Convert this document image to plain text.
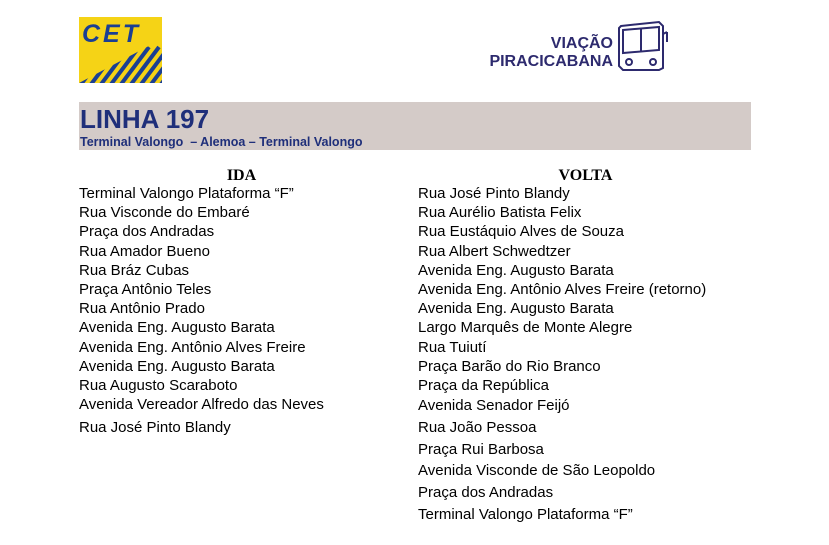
CET	VIAÇÃO
PIRACICABANA
LINHA 197
Terminal Valongo  – Alemoa – Terminal Valongo
IDA
Terminal Valongo Plataforma “F”
Rua Visconde do Embaré
Praça dos Andradas
Rua Amador Bueno
Rua Bráz Cubas
Praça Antônio Teles
Rua Antônio Prado
Avenida Eng. Augusto Barata
Avenida Eng. Antônio Alves Freire
Avenida Eng. Augusto Barata
Rua Augusto Scaraboto
Avenida Vereador Alfredo das Neves
Rua José Pinto Blandy
VOLTA
Rua José Pinto Blandy
Rua Aurélio Batista Felix
Rua Eustáquio Alves de Souza
Rua Albert Schwedtzer
Avenida Eng. Augusto Barata
Avenida Eng. Antônio Alves Freire (retorno)
Avenida Eng. Augusto Barata
Largo Marquês de Monte Alegre
Rua Tuiutí
Praça Barão do Rio Branco
Praça da República
Avenida Senador Feijó
Rua João Pessoa
Praça Rui Barbosa
Avenida Visconde de São Leopoldo
Praça dos Andradas
Terminal Valongo Plataforma “F”
